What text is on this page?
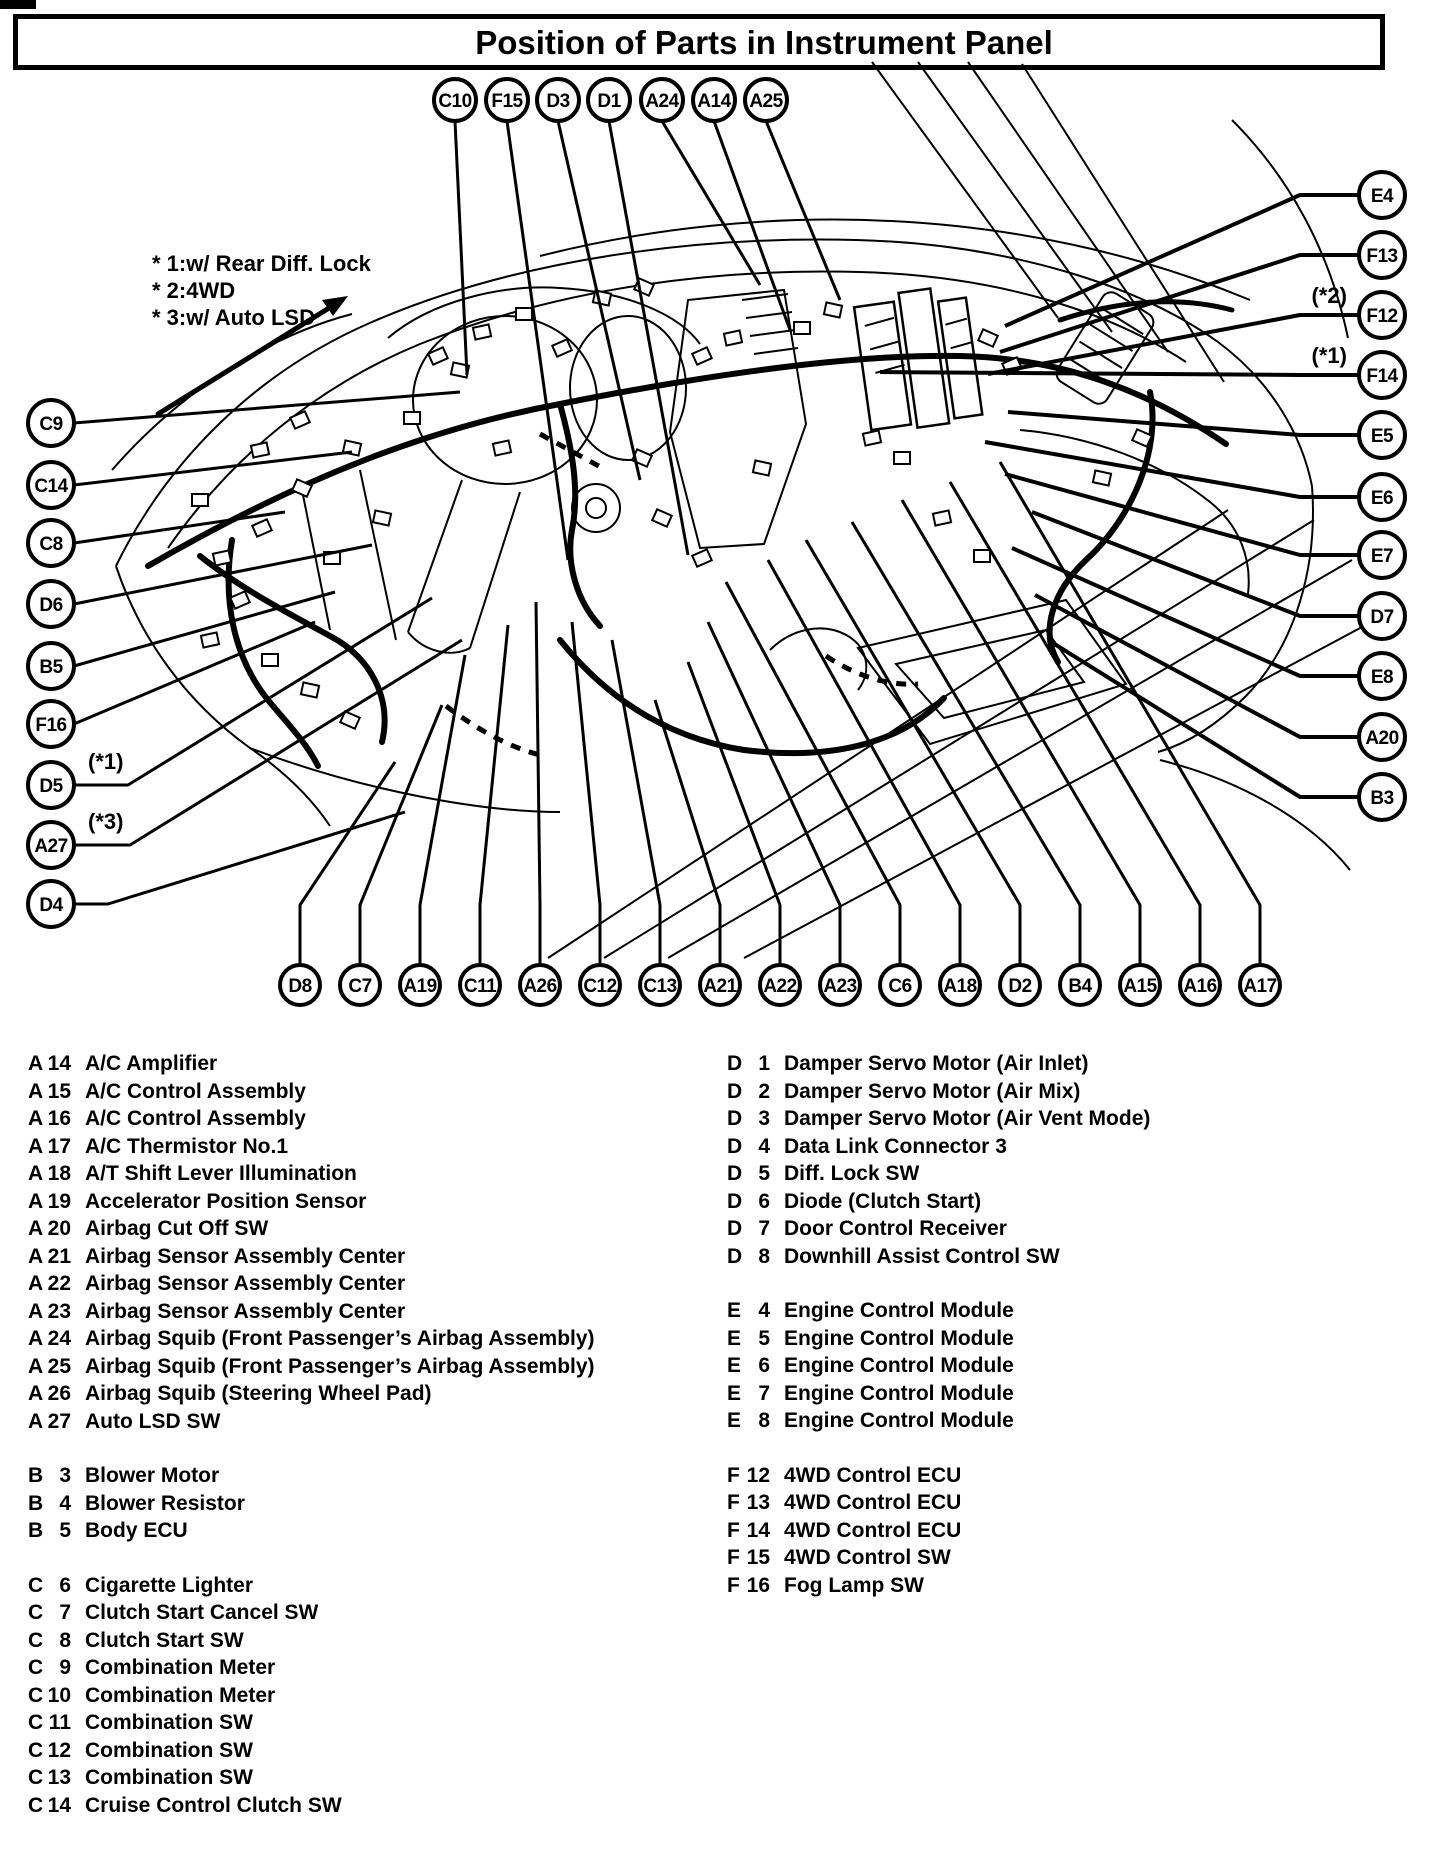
Position of Parts in Instrument Panel
C10 F15 D3 D1 A24 A14 A25
C9
C14
C8
D6
B5
F16
D5
(*1)
A27
(*3)
D4
E4
F13
F12
(*2)
F14
(*1)
E5
E6
E7
D7
E8
A20
B3
D8 C7 A19 C11 A26 C12 C13 A21 A22 A23 C6 A18 D2 B4 A15 A16 A17
* 1:w/ Rear Diff. Lock
* 2:4WD
* 3:w/ Auto LSD
A 14 A/C Amplifier
A 15 A/C Control Assembly
A 16 A/C Control Assembly
A 17 A/C Thermistor No.1
A 18 A/T Shift Lever Illumination
A 19 Accelerator Position Sensor
A 20 Airbag Cut Off SW
A 21 Airbag Sensor Assembly Center
A 22 Airbag Sensor Assembly Center
A 23 Airbag Sensor Assembly Center
A 24 Airbag Squib (Front Passenger’s Airbag Assembly)
A 25 Airbag Squib (Front Passenger’s Airbag Assembly)
A 26 Airbag Squib (Steering Wheel Pad)
A 27 Auto LSD SW
B 3 Blower Motor
B 4 Blower Resistor
B 5 Body ECU
C 6 Cigarette Lighter
C 7 Clutch Start Cancel SW
C 8 Clutch Start SW
C 9 Combination Meter
C 10 Combination Meter
C 11 Combination SW
C 12 Combination SW
C 13 Combination SW
C 14 Cruise Control Clutch SW
D 1 Damper Servo Motor (Air Inlet)
D 2 Damper Servo Motor (Air Mix)
D 3 Damper Servo Motor (Air Vent Mode)
D 4 Data Link Connector 3
D 5 Diff. Lock SW
D 6 Diode (Clutch Start)
D 7 Door Control Receiver
D 8 Downhill Assist Control SW
E 4 Engine Control Module
E 5 Engine Control Module
E 6 Engine Control Module
E 7 Engine Control Module
E 8 Engine Control Module
F 12 4WD Control ECU
F 13 4WD Control ECU
F 14 4WD Control ECU
F 15 4WD Control SW
F 16 Fog Lamp SW
